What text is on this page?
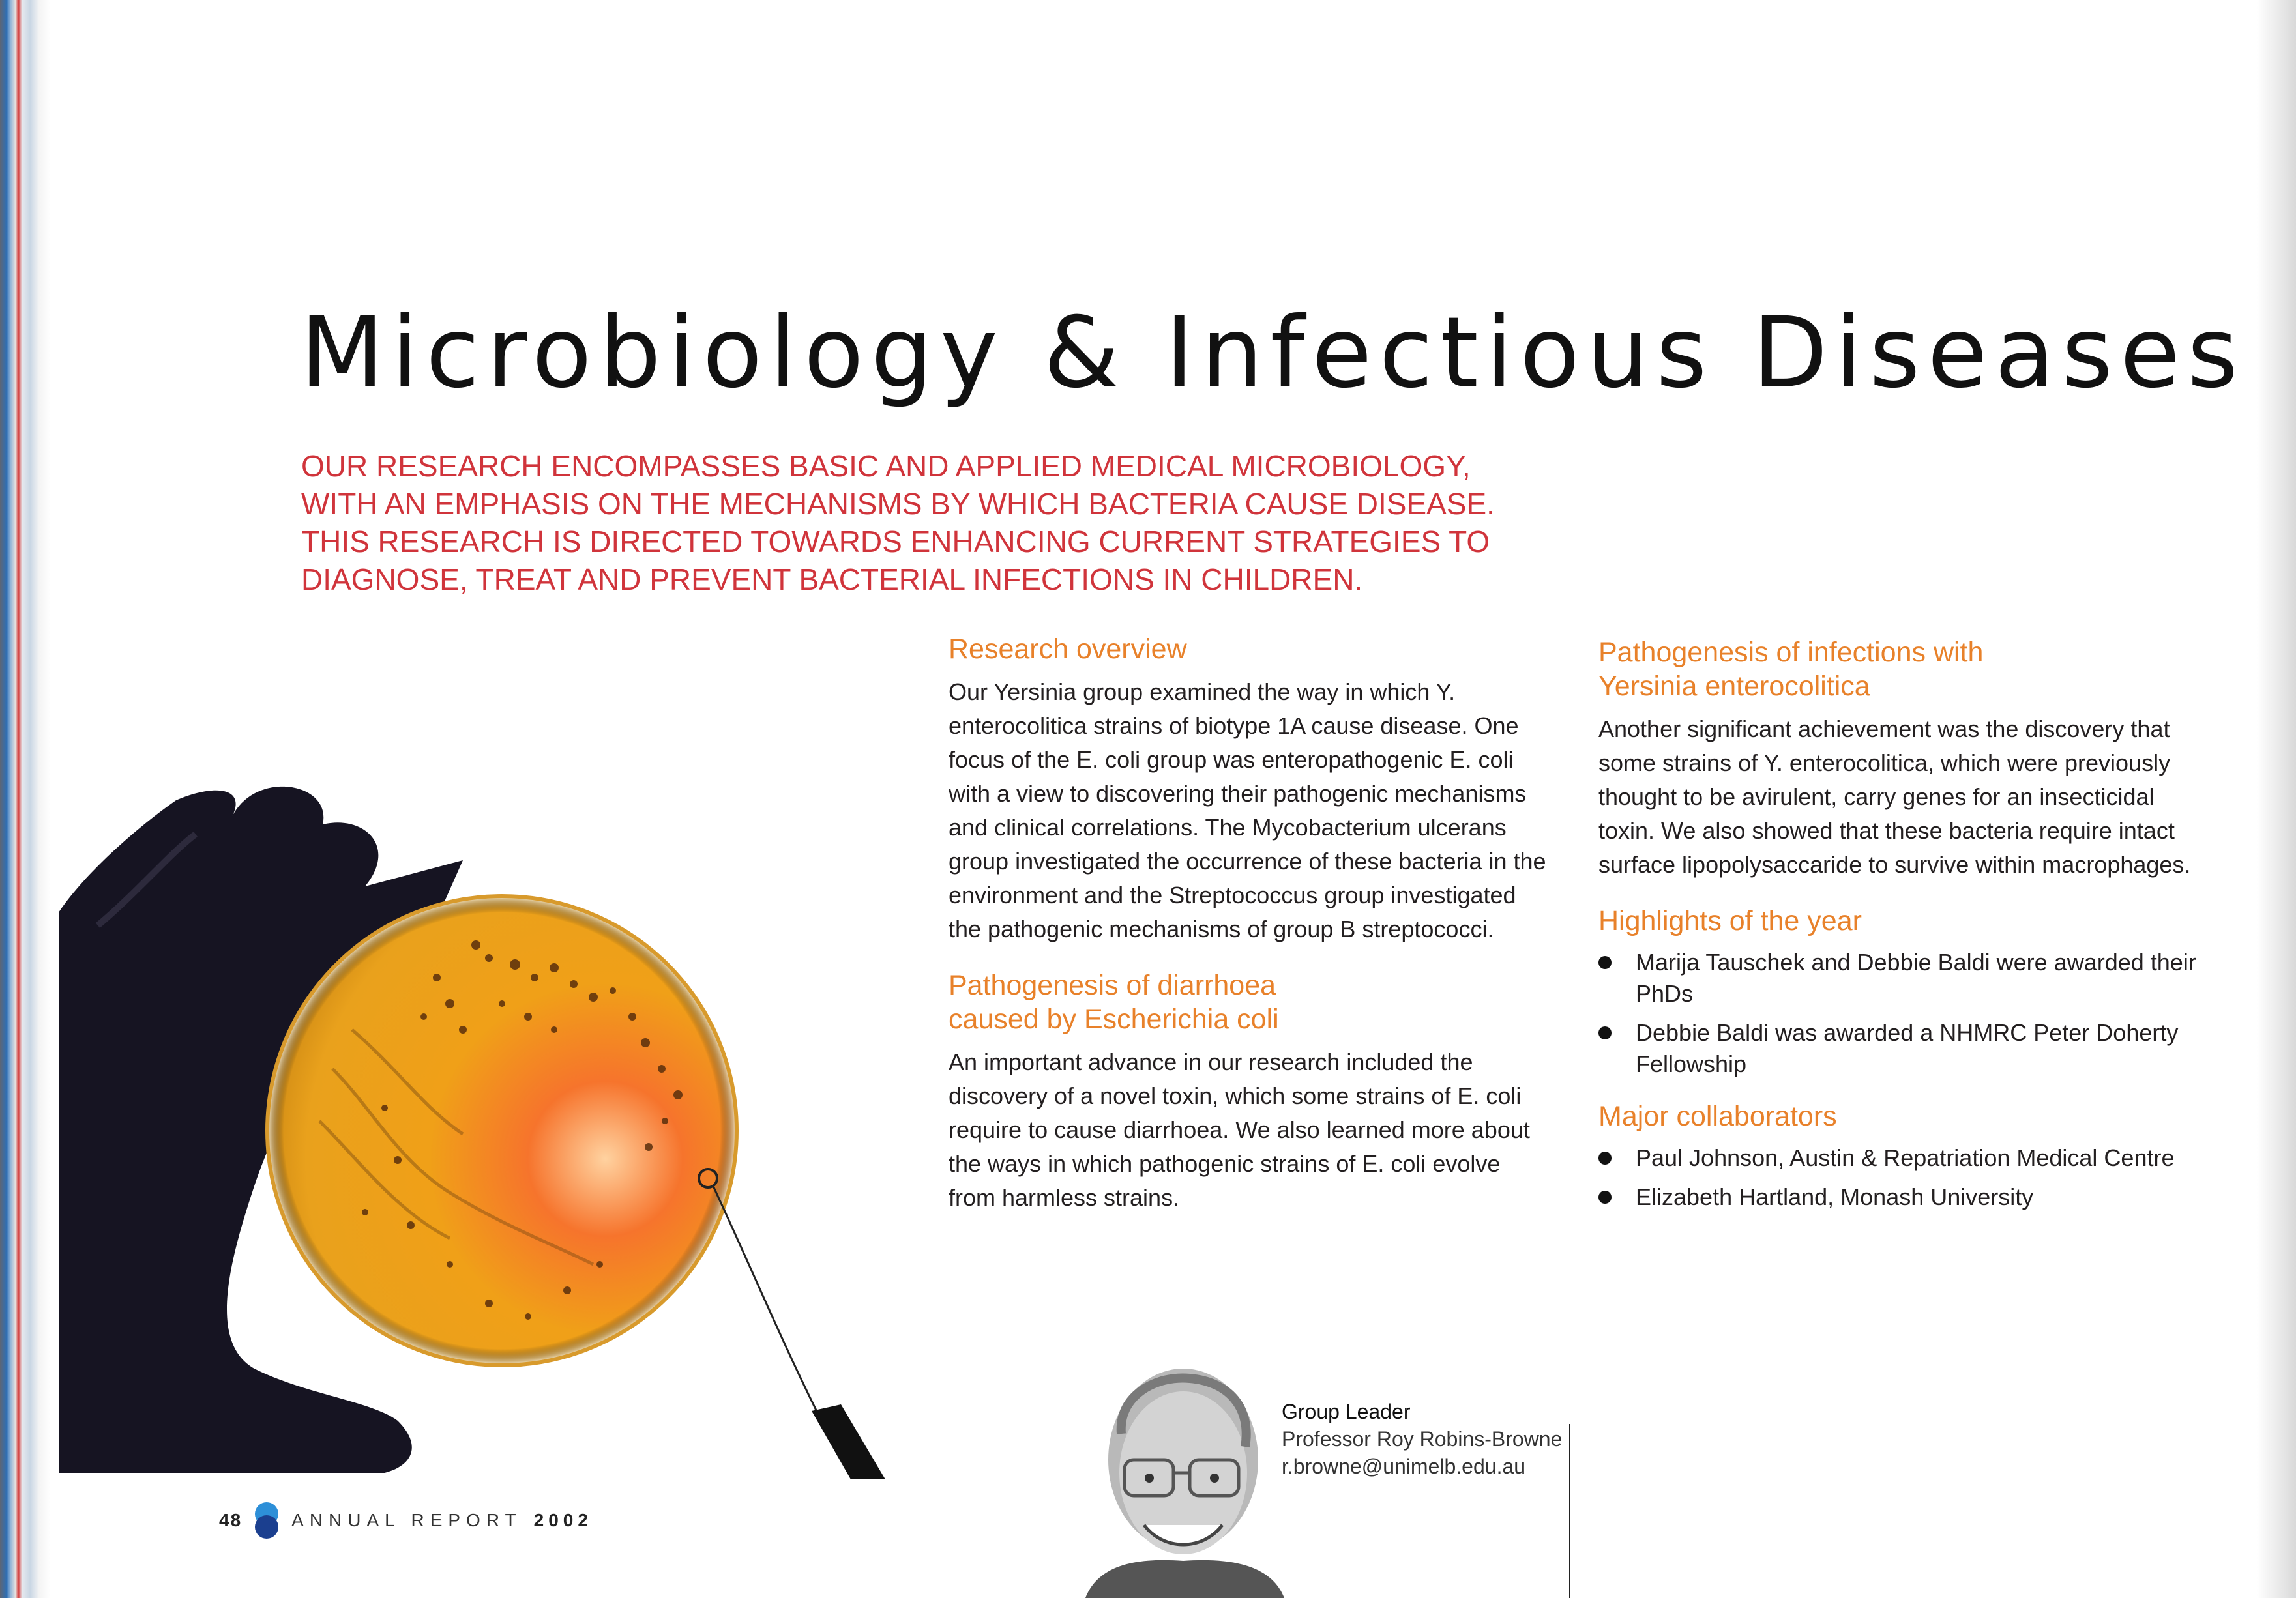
Microbiology & Infectious Diseases

OUR RESEARCH ENCOMPASSES BASIC AND APPLIED MEDICAL MICROBIOLOGY, WITH AN EMPHASIS ON THE MECHANISMS BY WHICH BACTERIA CAUSE DISEASE. THIS RESEARCH IS DIRECTED TOWARDS ENHANCING CURRENT STRATEGIES TO DIAGNOSE, TREAT AND PREVENT BACTERIAL INFECTIONS IN CHILDREN.

Research overview

Our Yersinia group examined the way in which Y. enterocolitica strains of biotype 1A cause disease. One focus of the E. coli group was enteropathogenic E. coli with a view to discovering their pathogenic mechanisms and clinical correlations. The Mycobacterium ulcerans group investigated the occurrence of these bacteria in the environment and the Streptococcus group investigated the pathogenic mechanisms of group B streptococci.

Pathogenesis of diarrhoea caused by Escherichia coli

An important advance in our research included the discovery of a novel toxin, which some strains of E. coli require to cause diarrhoea. We also learned more about the ways in which pathogenic strains of E. coli evolve from harmless strains.

Pathogenesis of infections with Yersinia enterocolitica

Another significant achievement was the discovery that some strains of Y. enterocolitica, which were previously thought to be avirulent, carry genes for an insecticidal toxin. We also showed that these bacteria require intact surface lipopolysaccaride to survive within macrophages.

Highlights of the year
Marija Tauschek and Debbie Baldi were awarded their PhDs
Debbie Baldi was awarded a NHMRC Peter Doherty Fellowship
Major collaborators
Paul Johnson, Austin & Repatriation Medical Centre
Elizabeth Hartland, Monash University
Group Leader
Professor Roy Robins-Browne
r.browne@unimelb.edu.au
48	ANNUAL REPORT 2002
